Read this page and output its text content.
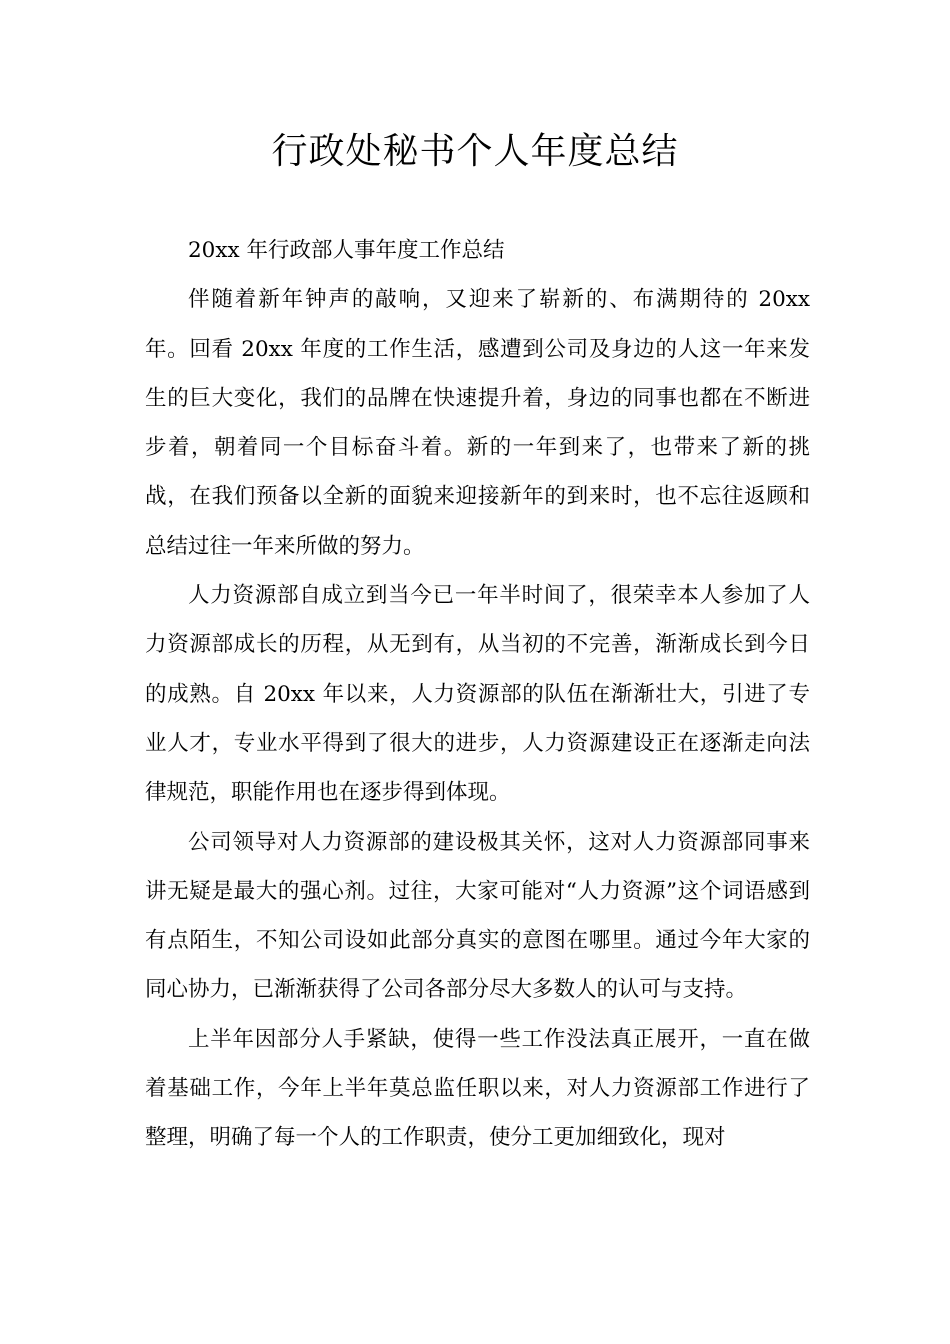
行政处秘书个人年度总结

20xx 年行政部人事年度工作总结

伴随着新年钟声的敲响，又迎来了崭新的、布满期待的 20xx 年。回看 20xx 年度的工作生活，感遭到公司及身边的人这一年来发生的巨大变化，我们的品牌在快速提升着，身边的同事也都在不断进步着，朝着同一个目标奋斗着。新的一年到来了，也带来了新的挑战，在我们预备以全新的面貌来迎接新年的到来时，也不忘往返顾和总结过往一年来所做的努力。

人力资源部自成立到当今已一年半时间了，很荣幸本人参加了人力资源部成长的历程，从无到有，从当初的不完善，渐渐成长到今日的成熟。自 20xx 年以来，人力资源部的队伍在渐渐壮大，引进了专业人才，专业水平得到了很大的进步，人力资源建设正在逐渐走向法律规范，职能作用也在逐步得到体现。

公司领导对人力资源部的建设极其关怀，这对人力资源部同事来讲无疑是最大的强心剂。过往，大家可能对“人力资源”这个词语感到有点陌生，不知公司设如此部分真实的意图在哪里。通过今年大家的同心协力，已渐渐获得了公司各部分尽大多数人的认可与支持。

上半年因部分人手紧缺，使得一些工作没法真正展开，一直在做着基础工作，今年上半年莫总监任职以来，对人力资源部工作进行了整理，明确了每一个人的工作职责，使分工更加细致化，现对
